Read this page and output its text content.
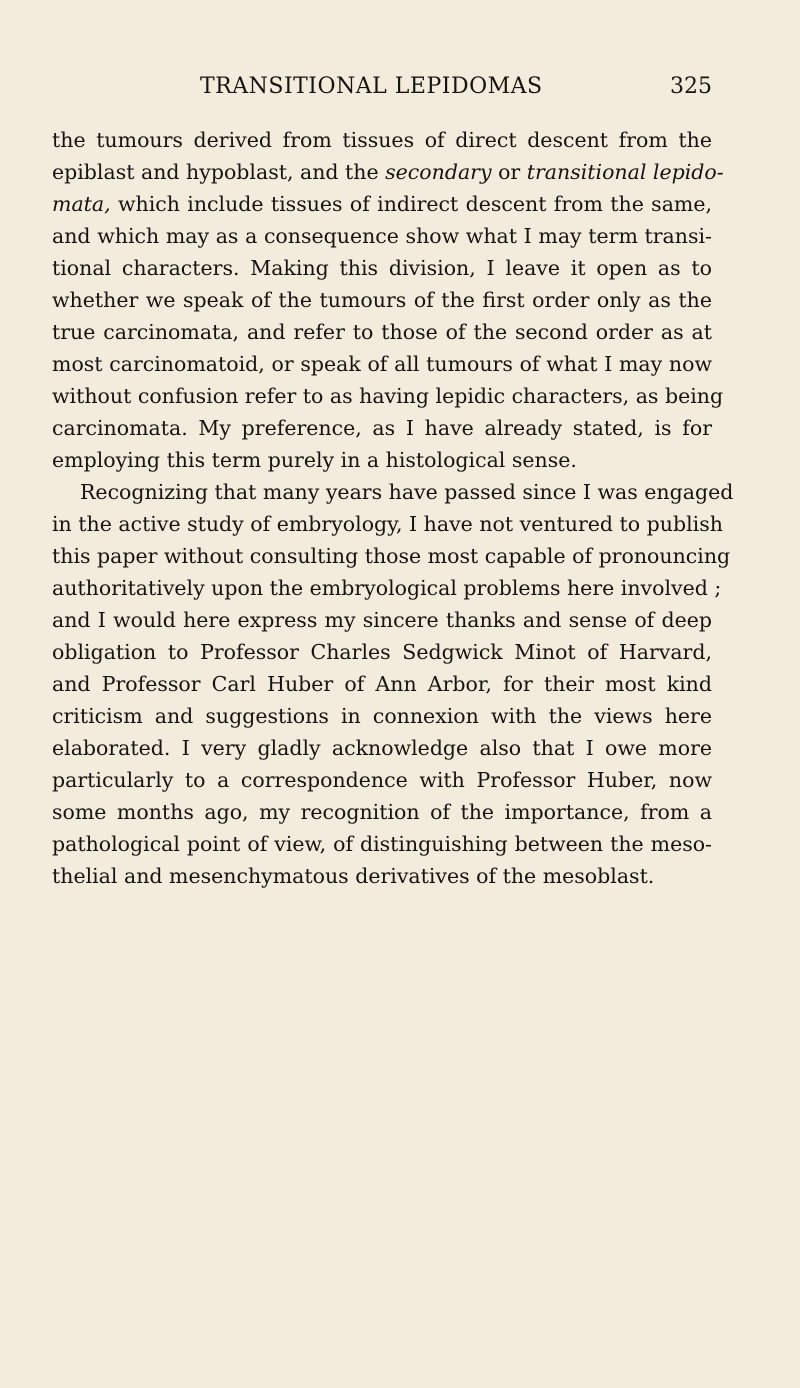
TRANSITIONAL LEPIDOMAS	325
the tumours derived from tissues of direct descent from the
epiblast and hypoblast, and the secondary or transitional lepido-
mata, which include tissues of indirect descent from the same,
and which may as a consequence show what I may term transi-
tional characters. Making this division, I leave it open as to
whether we speak of the tumours of the first order only as the
true carcinomata, and refer to those of the second order as at
most carcinomatoid, or speak of all tumours of what I may now
without confusion refer to as having lepidic characters, as being
carcinomata. My preference, as I have already stated, is for
employing this term purely in a histological sense.
Recognizing that many years have passed since I was engaged
in the active study of embryology, I have not ventured to publish
this paper without consulting those most capable of pronouncing
authoritatively upon the embryological problems here involved ;
and I would here express my sincere thanks and sense of deep
obligation to Professor Charles Sedgwick Minot of Harvard,
and Professor Carl Huber of Ann Arbor, for their most kind
criticism and suggestions in connexion with the views here
elaborated. I very gladly acknowledge also that I owe more
particularly to a correspondence with Professor Huber, now
some months ago, my recognition of the importance, from a
pathological point of view, of distinguishing between the meso-
thelial and mesenchymatous derivatives of the mesoblast.
